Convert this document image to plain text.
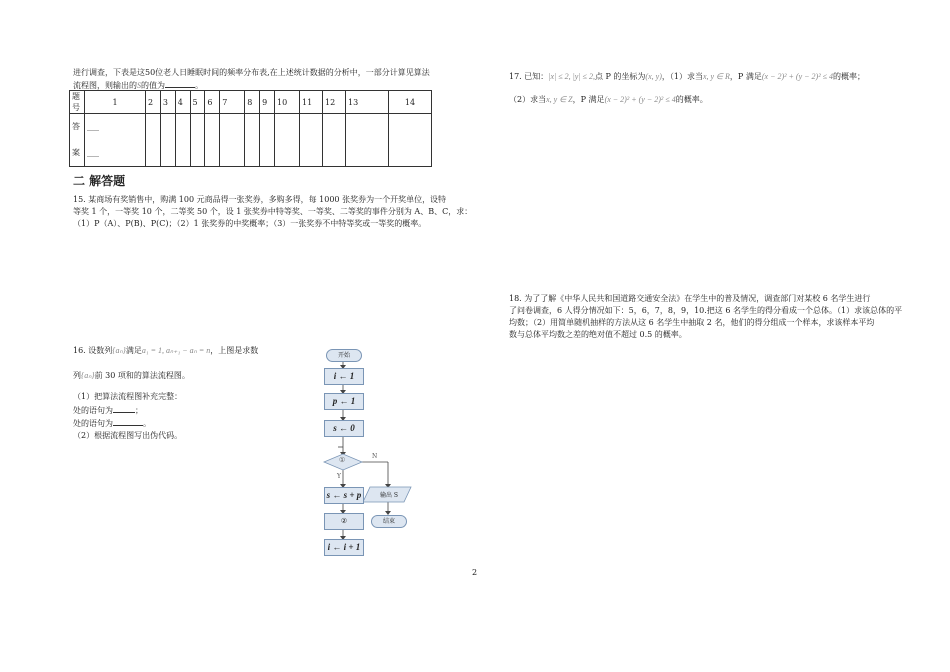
进行调查，下表是这50位老人日睡眠时间的频率分布表,在上述统计数据的分析中，一部分计算见算法
流程图，则输出的S的值为	。
题号	1	2	3	4	5	6	7	8	9	10	11	12	13	14
答案	___
___													
二 解答题
15. 某商场有奖销售中，购满 100 元商品得一张奖券，多购多得，每 1000 张奖券为一个开奖单位，设特
等奖 1 个，一等奖 10 个，二等奖 50 个，设 1 张奖券中特等奖、一等奖、二等奖的事件分别为 A、B、C，求：
（1）P（A）、P(B)、P(C)；（2）1 张奖券的中奖概率；（3）一张奖券不中特等奖或一等奖的概率。
16. 设数列{aₙ}满足a₁ = 1, aₙ₊₁ − aₙ = n，上图是求数
列{aₙ}前 30 项和的算法流程图。
（1）把算法流程图补充完整：
处的语句为	；
处的语句为	。
（2）根据流程图写出伪代码。
开始
i ← 1
p ← 1
s ← 0
①
Y
N
s ← s + p	输出 S
②	结束
i ← i + 1
17. 已知：|x| ≤ 2, |y| ≤ 2,点 P 的坐标为(x, y)，（1）求当x, y ∈ R，P 满足(x − 2)² + (y − 2)² ≤ 4的概率；
（2）求当x, y ∈ Z，P 满足(x − 2)² + (y − 2)² ≤ 4的概率。
18. 为了了解《中华人民共和国道路交通安全法》在学生中的普及情况，调查部门对某校 6 名学生进行
了问卷调查，6 人得分情况如下：5，6，7，8，9，10.把这 6 名学生的得分看成一个总体。（1）求该总体的平
均数；（2）用简单随机抽样的方法从这 6 名学生中抽取 2 名，他们的得分组成一个样本，求该样本平均
数与总体平均数之差的绝对值不超过 0.5 的概率。
2
